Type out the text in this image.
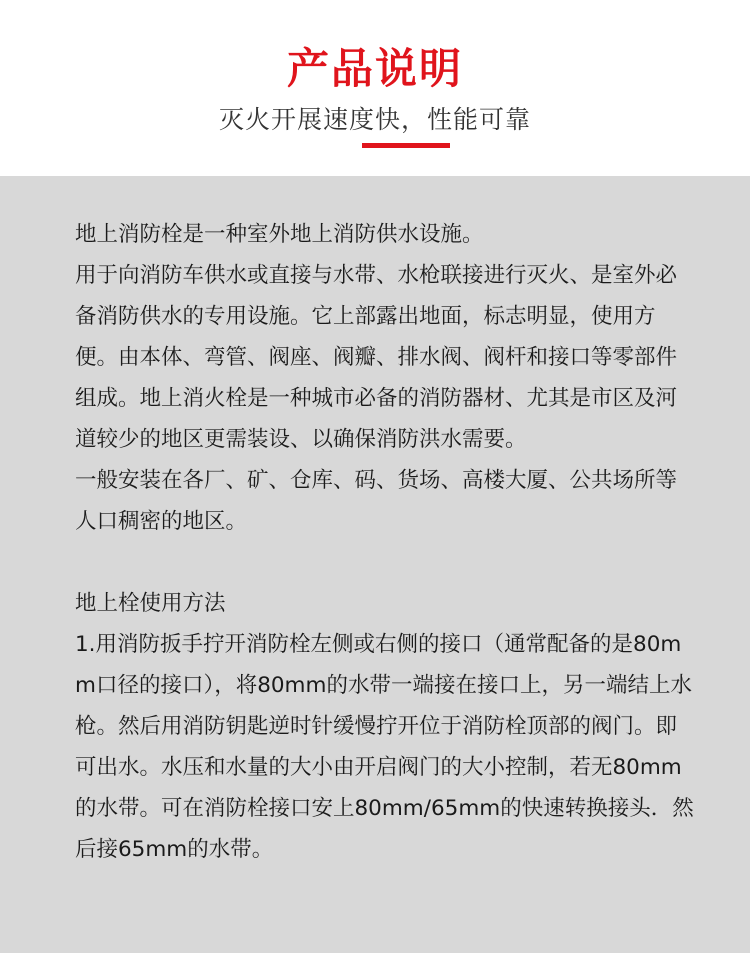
产品说明
灭火开展速度快，性能可靠

地上消防栓是一种室外地上消防供水设施。

用于向消防车供水或直接与水带、水枪联接进行灭火、是室外必备消防供水的专用设施。它上部露出地面，标志明显，使用方便。由本体、弯管、阀座、阀瓣、排水阀、阀杆和接口等零部件组成。地上消火栓是一种城市必备的消防器材、尤其是市区及河道较少的地区更需装设、以确保消防洪水需要。

一般安装在各厂、矿、仓库、码、货场、高楼大厦、公共场所等人口稠密的地区。

地上栓使用方法

1.用消防扳手拧开消防栓左侧或右侧的接口（通常配备的是80mm口径的接口），将80mm的水带一端接在接口上，另一端结上水枪。然后用消防钥匙逆时针缓慢拧开位于消防栓顶部的阀门。即可出水。水压和水量的大小由开启阀门的大小控制，若无80mm的水带。可在消防栓接口安上80mm/65mm的快速转换接头．然后接65mm的水带。
